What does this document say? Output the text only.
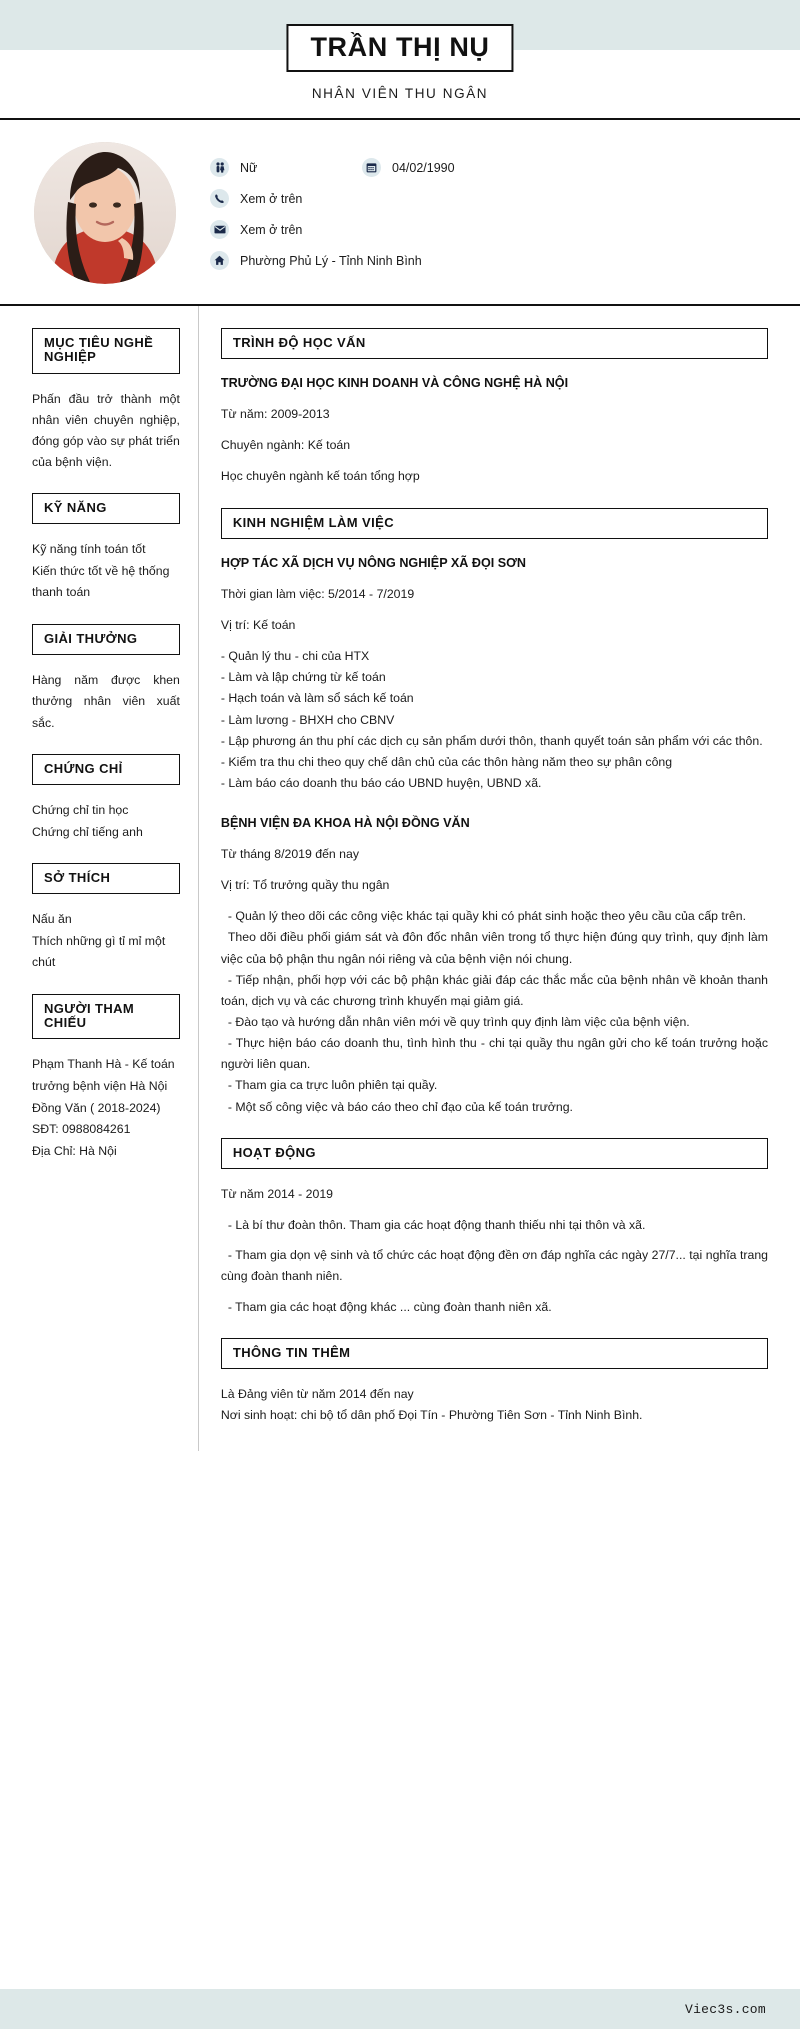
TRẦN THỊ NỤ
NHÂN VIÊN THU NGÂN
Nữ	04/02/1990
Xem ở trên
Xem ở trên
Phường Phủ Lý - Tỉnh Ninh Bình
MỤC TIÊU NGHỀ NGHIỆP
Phấn đầu trở thành một nhân viên chuyên nghiệp, đóng góp vào sự phát triển của bệnh viện.
KỸ NĂNG
Kỹ năng tính toán tốt
Kiến thức tốt về hệ thống thanh toán
GIẢI THƯỞNG
Hàng năm được khen thưởng nhân viên xuất sắc.
CHỨNG CHỈ
Chứng chỉ tin học
Chứng chỉ tiếng anh
SỞ THÍCH
Nấu ăn
Thích những gì tỉ mỉ một chút
NGƯỜI THAM CHIẾU
Phạm Thanh Hà - Kế toán trưởng bệnh viện Hà Nội Đồng Văn ( 2018-2024)
SĐT: 0988084261
Địa Chỉ: Hà Nội
TRÌNH ĐỘ HỌC VẤN
TRƯỜNG ĐẠI HỌC KINH DOANH VÀ CÔNG NGHỆ HÀ NỘI
Từ năm: 2009-2013
Chuyên ngành: Kế toán
Học chuyên ngành kế toán tổng hợp
KINH NGHIỆM LÀM VIỆC
HỢP TÁC XÃ DỊCH VỤ NÔNG NGHIỆP XÃ ĐỌI SƠN
Thời gian làm việc: 5/2014 - 7/2019
Vị trí: Kế toán
- Quản lý thu - chi của HTX
- Làm và lập chứng từ kế toán
- Hạch toán và làm sổ sách kế toán
- Làm lương - BHXH cho CBNV
- Lập phương án thu phí các dịch cụ sản phẩm dưới thôn, thanh quyết toán sản phẩm với các thôn.
- Kiểm tra thu chi theo quy chế dân chủ của các thôn hàng năm theo sự phân công
- Làm báo cáo doanh thu báo cáo UBND huyện, UBND xã.
BỆNH VIỆN ĐA KHOA HÀ NỘI ĐỒNG VĂN
Từ tháng 8/2019 đến nay
Vị trí: Tổ trưởng quầy thu ngân
- Quản lý theo dõi các công việc khác tại quầy khi có phát sinh hoặc theo yêu cầu của cấp trên.
Theo dõi điều phối giám sát và đôn đốc nhân viên trong tổ thực hiện đúng quy trình, quy định làm việc của bộ phận thu ngân nói riêng và của bệnh viện nói chung.
- Tiếp nhận, phối hợp với các bộ phận khác giải đáp các thắc mắc của bệnh nhân về khoản thanh toán, dịch vụ và các chương trình khuyến mại giảm giá.
- Đào tạo và hướng dẫn nhân viên mới về quy trình quy định làm việc của bệnh viện.
- Thực hiện báo cáo doanh thu, tình hình thu - chi tại quầy thu ngân gửi cho kế toán trưởng hoặc người liên quan.
- Tham gia ca trực luôn phiên tại quầy.
- Một số công việc và báo cáo theo chỉ đạo của kế toán trưởng.
HOẠT ĐỘNG
Từ năm 2014 - 2019
- Là bí thư đoàn thôn. Tham gia các hoạt động thanh thiếu nhi tại thôn và xã.
- Tham gia dọn vệ sinh và tổ chức các hoạt động đền ơn đáp nghĩa các ngày 27/7... tại nghĩa trang cùng đoàn thanh niên.
- Tham gia các hoạt động khác ... cùng đoàn thanh niên xã.
THÔNG TIN THÊM
Là Đảng viên từ năm 2014 đến nay
Nơi sinh hoạt: chi bộ tổ dân phố Đọi Tín - Phường Tiên Sơn - Tỉnh Ninh Bình.
Viec3s.com
